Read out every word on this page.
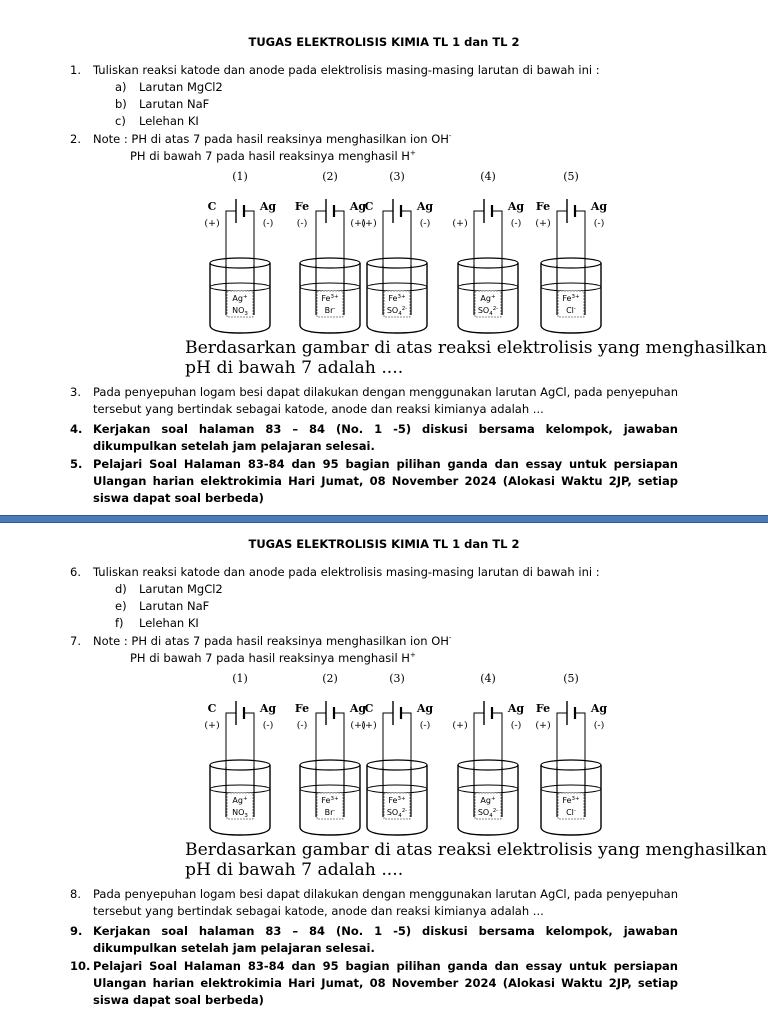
TUGAS ELEKTROLISIS KIMIA TL 1 dan TL 2
1.	Tuliskan reaksi katode dan anode pada elektrolisis masing-masing larutan di bawah ini :
a) Larutan MgCl2
b) Larutan NaF
c) Lelehan KI
2.	Note : PH di atas 7 pada hasil reaksinya menghasilkan ion OH-
PH di bawah 7 pada hasil reaksinya menghasil H+
(1)
C	Ag
(+)	(-)
Ag+
$NO_3$
(2)
Fe	Ag
(-)	(+)
$Fe^{3+}$
Br-
(3)
C	Ag
(+)	(-)
$Fe^{3+}$
$SO_4^{2-}$
(4)
Ag
(+)	(-)
Ag+
$SO_4^{2-}$
(5)
Fe	Ag
(+)	(-)
$Fe^{3+}$
Cl-
Berdasarkan gambar di atas reaksi elektrolisis yang menghasilkan
pH di bawah 7 adalah ....
3.	Pada penyepuhan logam besi dapat dilakukan dengan menggunakan larutan AgCl, pada penyepuhan tersebut yang bertindak sebagai katode, anode dan reaksi kimianya adalah ...
4. Kerjakan soal halaman 83 – 84 (No. 1 -5) diskusi bersama kelompok, jawaban dikumpulkan setelah jam pelajaran selesai.
5. Pelajari Soal Halaman 83-84 dan 95 bagian pilihan ganda dan essay untuk persiapan Ulangan harian elektrokimia Hari Jumat, 08 November 2024 (Alokasi Waktu 2JP, setiap siswa dapat soal berbeda)
TUGAS ELEKTROLISIS KIMIA TL 1 dan TL 2
6.	Tuliskan reaksi katode dan anode pada elektrolisis masing-masing larutan di bawah ini :
d) Larutan MgCl2
e) Larutan NaF
f) Lelehan KI
7.	Note : PH di atas 7 pada hasil reaksinya menghasilkan ion OH-
PH di bawah 7 pada hasil reaksinya menghasil H+
(1)
C	Ag
(+)	(-)
Ag+
$NO_3$
(2)
Fe	Ag
(-)	(+)
$Fe^{3+}$
Br-
(3)
C	Ag
(+)	(-)
$Fe^{3+}$
$SO_4^{2-}$
(4)
Ag
(+)	(-)
Ag+
$SO_4^{2-}$
(5)
Fe	Ag
(+)	(-)
$Fe^{3+}$
Cl-
Berdasarkan gambar di atas reaksi elektrolisis yang menghasilkan
pH di bawah 7 adalah ....
8.	Pada penyepuhan logam besi dapat dilakukan dengan menggunakan larutan AgCl, pada penyepuhan tersebut yang bertindak sebagai katode, anode dan reaksi kimianya adalah ...
9. Kerjakan soal halaman 83 – 84 (No. 1 -5) diskusi bersama kelompok, jawaban dikumpulkan setelah jam pelajaran selesai.
10. Pelajari Soal Halaman 83-84 dan 95 bagian pilihan ganda dan essay untuk persiapan Ulangan harian elektrokimia Hari Jumat, 08 November 2024 (Alokasi Waktu 2JP, setiap siswa dapat soal berbeda)
